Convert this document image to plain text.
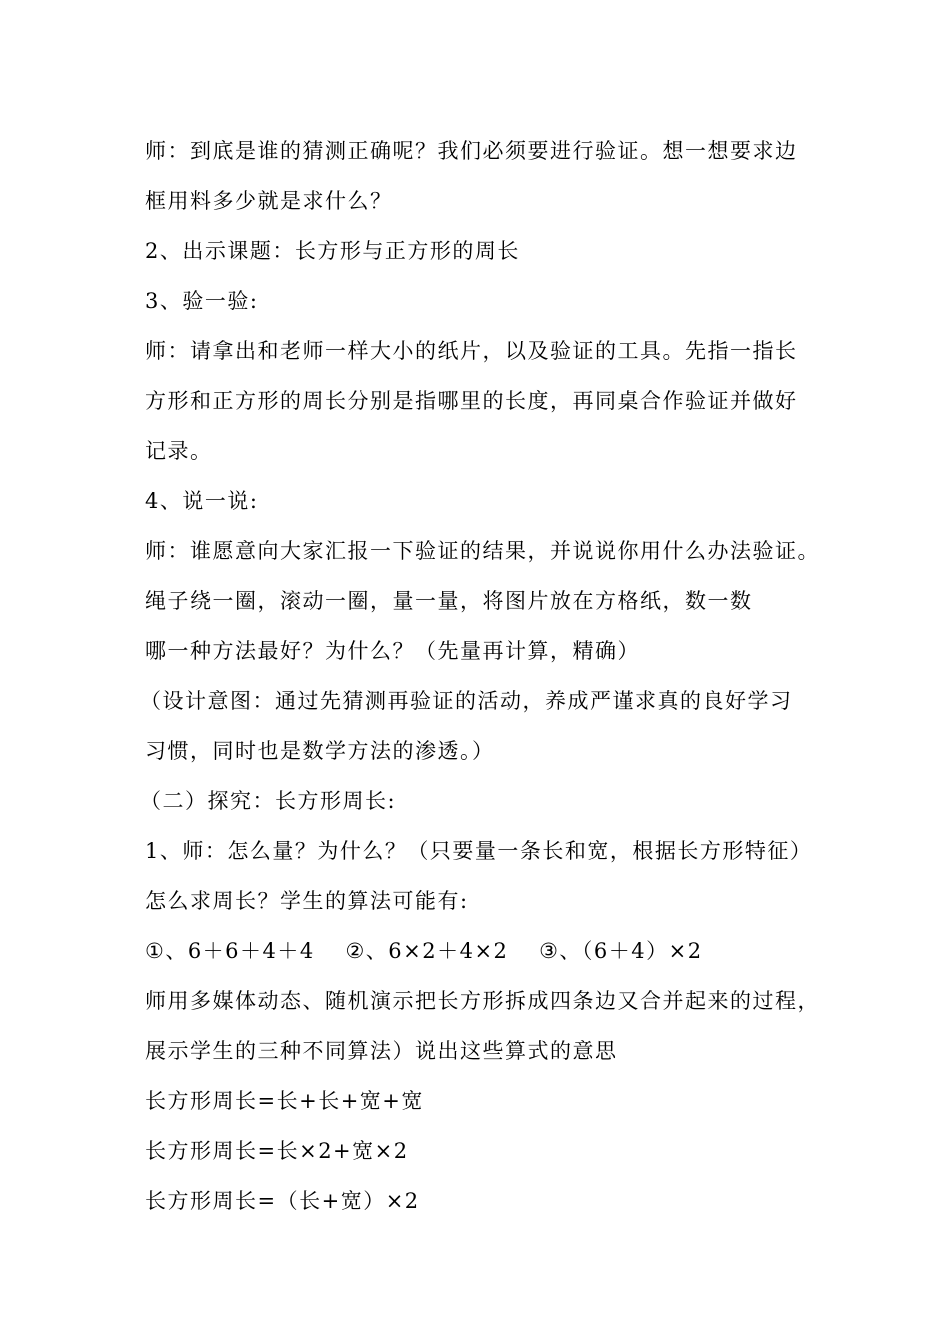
师：到底是谁的猜测正确呢？我们必须要进行验证。想一想要求边
框用料多少就是求什么？
2、出示课题：长方形与正方形的周长
3、验一验:
师：请拿出和老师一样大小的纸片，以及验证的工具。先指一指长
方形和正方形的周长分别是指哪里的长度，再同桌合作验证并做好
记录。
4、说一说:
师：谁愿意向大家汇报一下验证的结果，并说说你用什么办法验证。
绳子绕一圈，滚动一圈，量一量，将图片放在方格纸，数一数
哪一种方法最好？为什么？（先量再计算，精确）
（设计意图：通过先猜测再验证的活动，养成严谨求真的良好学习
习惯，同时也是数学方法的渗透。）
（二）探究：长方形周长:
1、师：怎么量？为什么？（只要量一条长和宽，根据长方形特征）
怎么求周长？学生的算法可能有:
①、6＋6＋4＋4　 ②、6×2＋4×2　 ③、（6＋4）×2
师用多媒体动态、随机演示把长方形拆成四条边又合并起来的过程，
展示学生的三种不同算法）说出这些算式的意思
长方形周长=长+长+宽+宽
长方形周长=长×2+宽×2
长方形周长=（长+宽）×2
